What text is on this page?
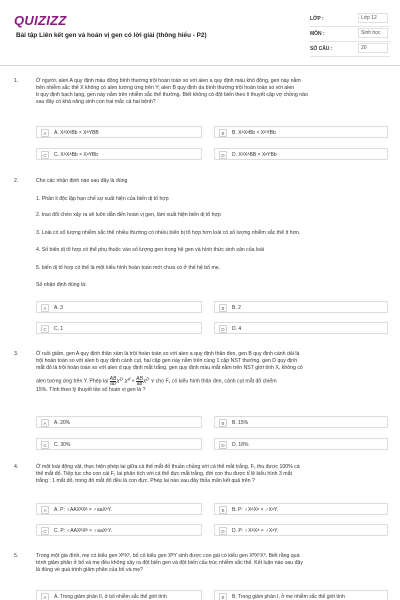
QUIZIZZ
Bài tập Liên kết gen và hoán vị gen có lời giải (thông hiểu - P2)
LỚP :	Lớp 12
MÔN :	Sinh học
SỐ CÂU :	20
1.	Ở người, alen A quy định máu đông bình thường trội hoàn toàn so với alen a quy định máu khó đông, gen này nằm
trên nhiễm sắc thể X không có alen tương ứng trên Y; alen B quy định da bình thường trội hoàn toàn so với alen
b quy định bạch tạng, gen này nằm trên nhiễm sắc thể thường. Biết không có đột biến theo lí thuyết cặp vợ chồng nào
sau đây có khả năng sinh con trai mắc cả hai bệnh?
A	A. XᴬXᴬBb × XᴬYBB	B	B. XᴬXᵃBb × XᴬYBb
C	C. XᴬXᴬBb × XᵃYBb	D	D. XᴬXᴬBB × XᵃYBb
2.	Cho các nhận định nào sau đây là đúng
1. Phân li độc lập hạn chế sự xuất hiện của biến dị tổ hợp
2. trao đổi chéo xảy ra sẽ luôn dẫn đến hoán vị gen, làm xuất hiện biến dị tổ hợp
3. Loài có số lượng nhiễm sắc thể nhiều thường có nhiều biến bị tổ hợp hơn loài có số lượng nhiễm sắc thể ít hơn.
4. Số biến dị tổ hợp có thể phụ thuộc vào số lượng gen trong hệ gen và hình thức sinh sản của loài
5. biến dị tổ hợp có thể là một kiểu hình hoàn toàn mới chưa có ở thế hệ bố mẹ.
Số nhận định đúng là:
A	A. 3	B	B. 2
C	C. 1	D	D. 4
3.	Ở ruồi giấm, gen A quy định thân xám là trội hoàn toàn so với alen a quy định thân đen, gen B quy định cánh dài là
trội hoàn toàn so với alen b quy định cánh cụt, hai cặp gen này nằm trên cùng 1 cặp NST thường. gen D quy định
mắt đỏ là trội hoàn toàn so với alen d quy định mắt trắng. gen quy định màu mắt nằm trên NST giới tính X, không có
alen tương ứng trên Y. Phép lai $\frac{AB}{ab} X^D$ $X^d \times \frac{AB}{ab} X^D$ Y cho F₁ có kiểu hình thân đen, cánh cụt mắt đỏ chiếm
15%. Tính theo lý thuyết tần số hoán vị gen là ?
A	A. 20%	B	B. 15%
C	C. 30%	D	D. 18%
4.	Ở một loài động vật, thực hiện phép lai giữa cá thể mắt đỏ thuần chủng với cá thể mắt trắng. F₁ thu được 100% cá
thể mắt đỏ. Tiếp tục cho con cái F₁ lai phân tích với cá thể đực mắt trắng, đời con thu được tỉ lệ kiểu hình 3 mắt
trắng : 1 mắt đỏ, trong đó mắt đỏ đều là con đực. Phép lai nào sau đây thỏa mãn kết quả trên ?
A	A. P: ♀AAXᴮXᴮ × ♂aaXᵇY.	B	B. P: ♀XᴬXᴬ × ♂XᵃY.
C	C. P: ♂AAXᴮXᴮ × ♀aaXᵇY.	D	D. P: ♀XᴬXᴬ × ♂XᵃY.
5.	Trong một gia đình, mẹ có kiểu gen XᴮXᵇ, bố có kiểu gen XᴮY sinh được con gái có kiểu gen XᴮXᵇXᵇ. Biết rằng quá
trình giảm phân ở bố và mẹ đều không xảy ra đột biến gen và đột biến cấu trúc nhiễm sắc thể. Kết luận nào sau đây
là đúng về quá trình giảm phân của bố và mẹ?
A	A. Trong giảm phân II, ở bố nhiễm sắc thể giới tính	B	B. Trong giảm phân I, ở mẹ nhiễm sắc thể giới tính
